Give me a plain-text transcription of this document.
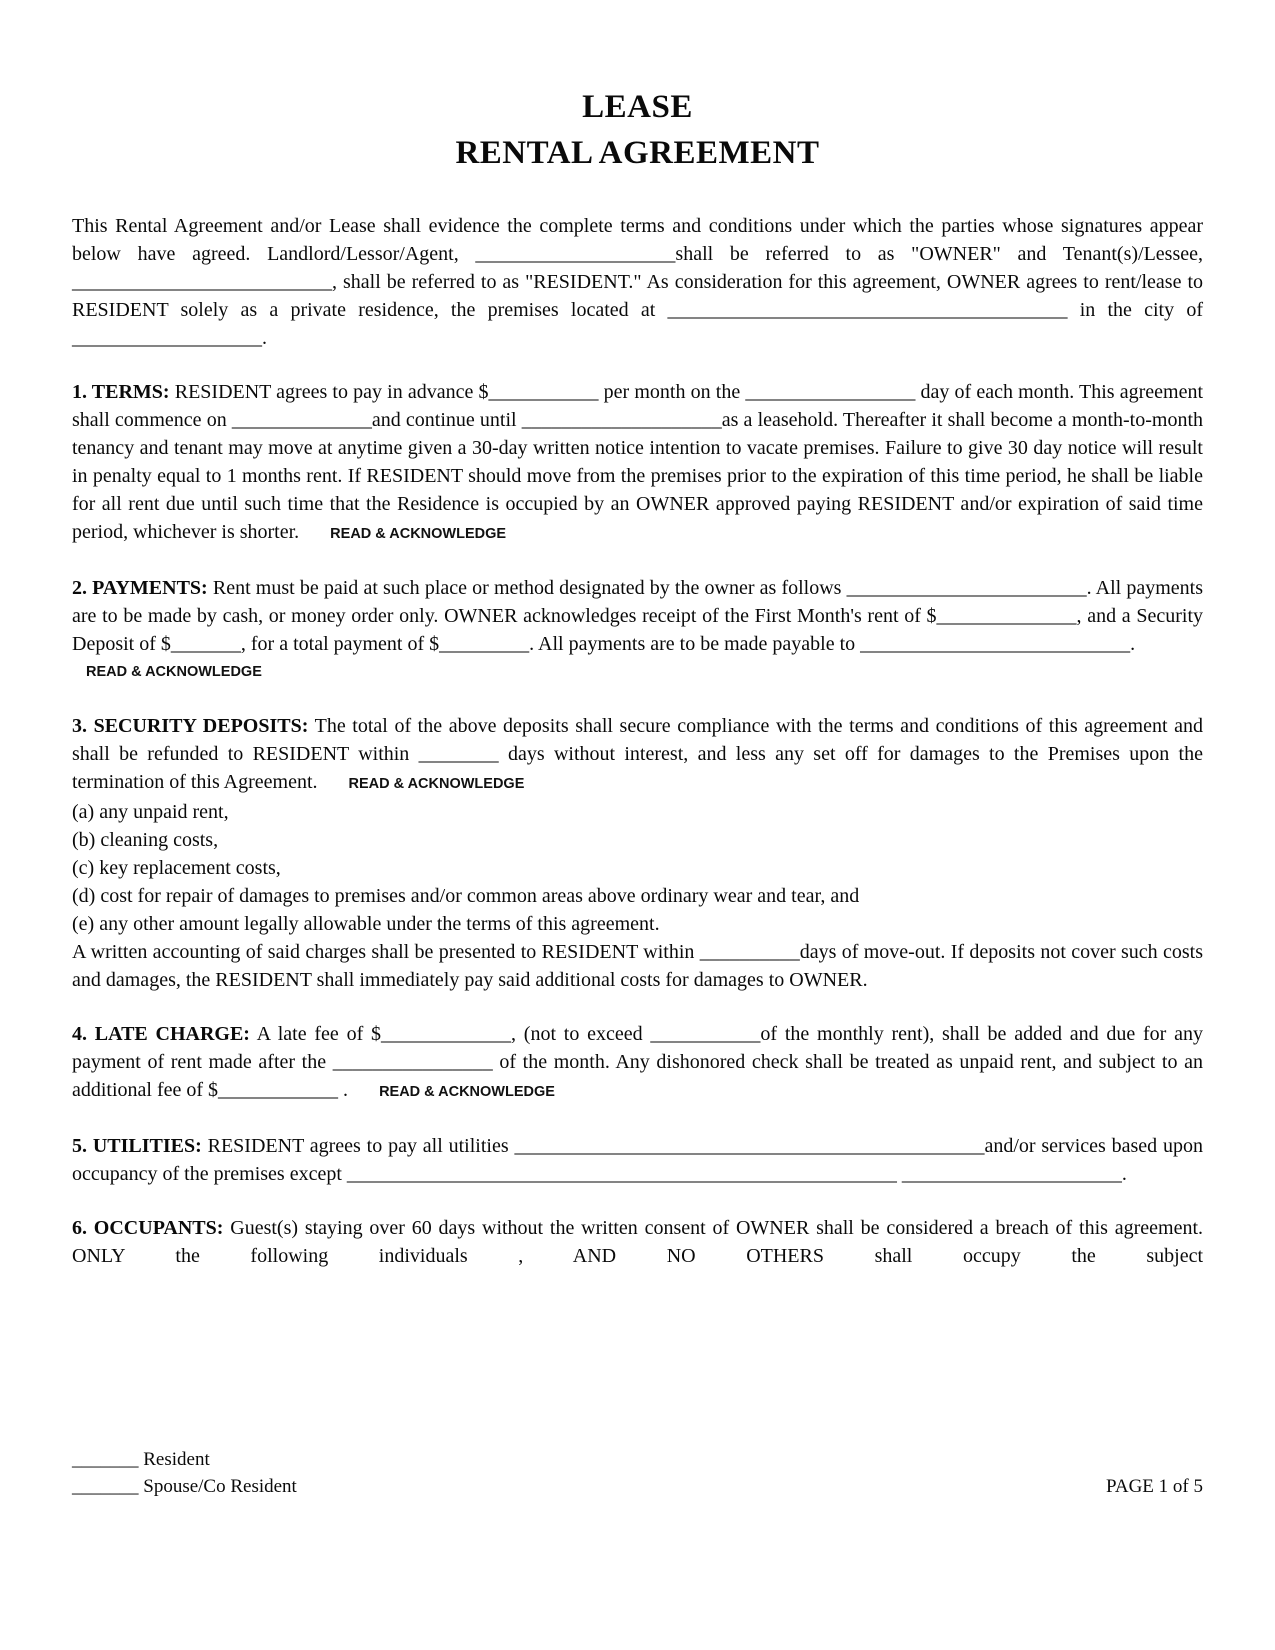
LEASE
RENTAL AGREEMENT

This Rental Agreement and/or Lease shall evidence the complete terms and conditions under which the parties whose signatures appear below have agreed. Landlord/Lessor/Agent, ____________________shall be referred to as "OWNER" and Tenant(s)/Lessee, __________________________, shall be referred to as "RESIDENT." As consideration for this agreement, OWNER agrees to rent/lease to RESIDENT solely as a private residence, the premises located at ________________________________________ in the city of ___________________.

1. TERMS: RESIDENT agrees to pay in advance $___________ per month on the _________________ day of each month. This agreement shall commence on ______________and continue until ____________________as a leasehold. Thereafter it shall become a month-to-month tenancy and tenant may move at anytime given a 30-day written notice intention to vacate premises. Failure to give 30 day notice will result in penalty equal to 1 months rent. If RESIDENT should move from the premises prior to the expiration of this time period, he shall be liable for all rent due until such time that the Residence is occupied by an OWNER approved paying RESIDENT and/or expiration of said time period, whichever is shorter. READ & ACKNOWLEDGE

2. PAYMENTS: Rent must be paid at such place or method designated by the owner as follows ________________________. All payments are to be made by cash, or money order only. OWNER acknowledges receipt of the First Month's rent of $______________, and a Security Deposit of $_______, for a total payment of $_________. All payments are to be made payable to ___________________________.

READ & ACKNOWLEDGE

3. SECURITY DEPOSITS: The total of the above deposits shall secure compliance with the terms and conditions of this agreement and shall be refunded to RESIDENT within ________ days without interest, and less any set off for damages to the Premises upon the termination of this Agreement. READ & ACKNOWLEDGE

(a) any unpaid rent,
(b) cleaning costs,
(c) key replacement costs,
(d) cost for repair of damages to premises and/or common areas above ordinary wear and tear, and
(e) any other amount legally allowable under the terms of this agreement.

A written accounting of said charges shall be presented to RESIDENT within __________days of move-out. If deposits not cover such costs and damages, the RESIDENT shall immediately pay said additional costs for damages to OWNER.

4. LATE CHARGE: A late fee of $_____________, (not to exceed ___________of the monthly rent), shall be added and due for any payment of rent made after the ________________ of the month. Any dishonored check shall be treated as unpaid rent, and subject to an additional fee of $____________ . READ & ACKNOWLEDGE

5. UTILITIES: RESIDENT agrees to pay all utilities _______________________________________________and/or services based upon occupancy of the premises except _______________________________________________________ ______________________.

6. OCCUPANTS: Guest(s) staying over 60 days without the written consent of OWNER shall be considered a breach of this agreement. ONLY the following individuals , AND NO OTHERS shall occupy the subject

_______ Resident
_______ Spouse/Co Resident	PAGE 1 of 5
